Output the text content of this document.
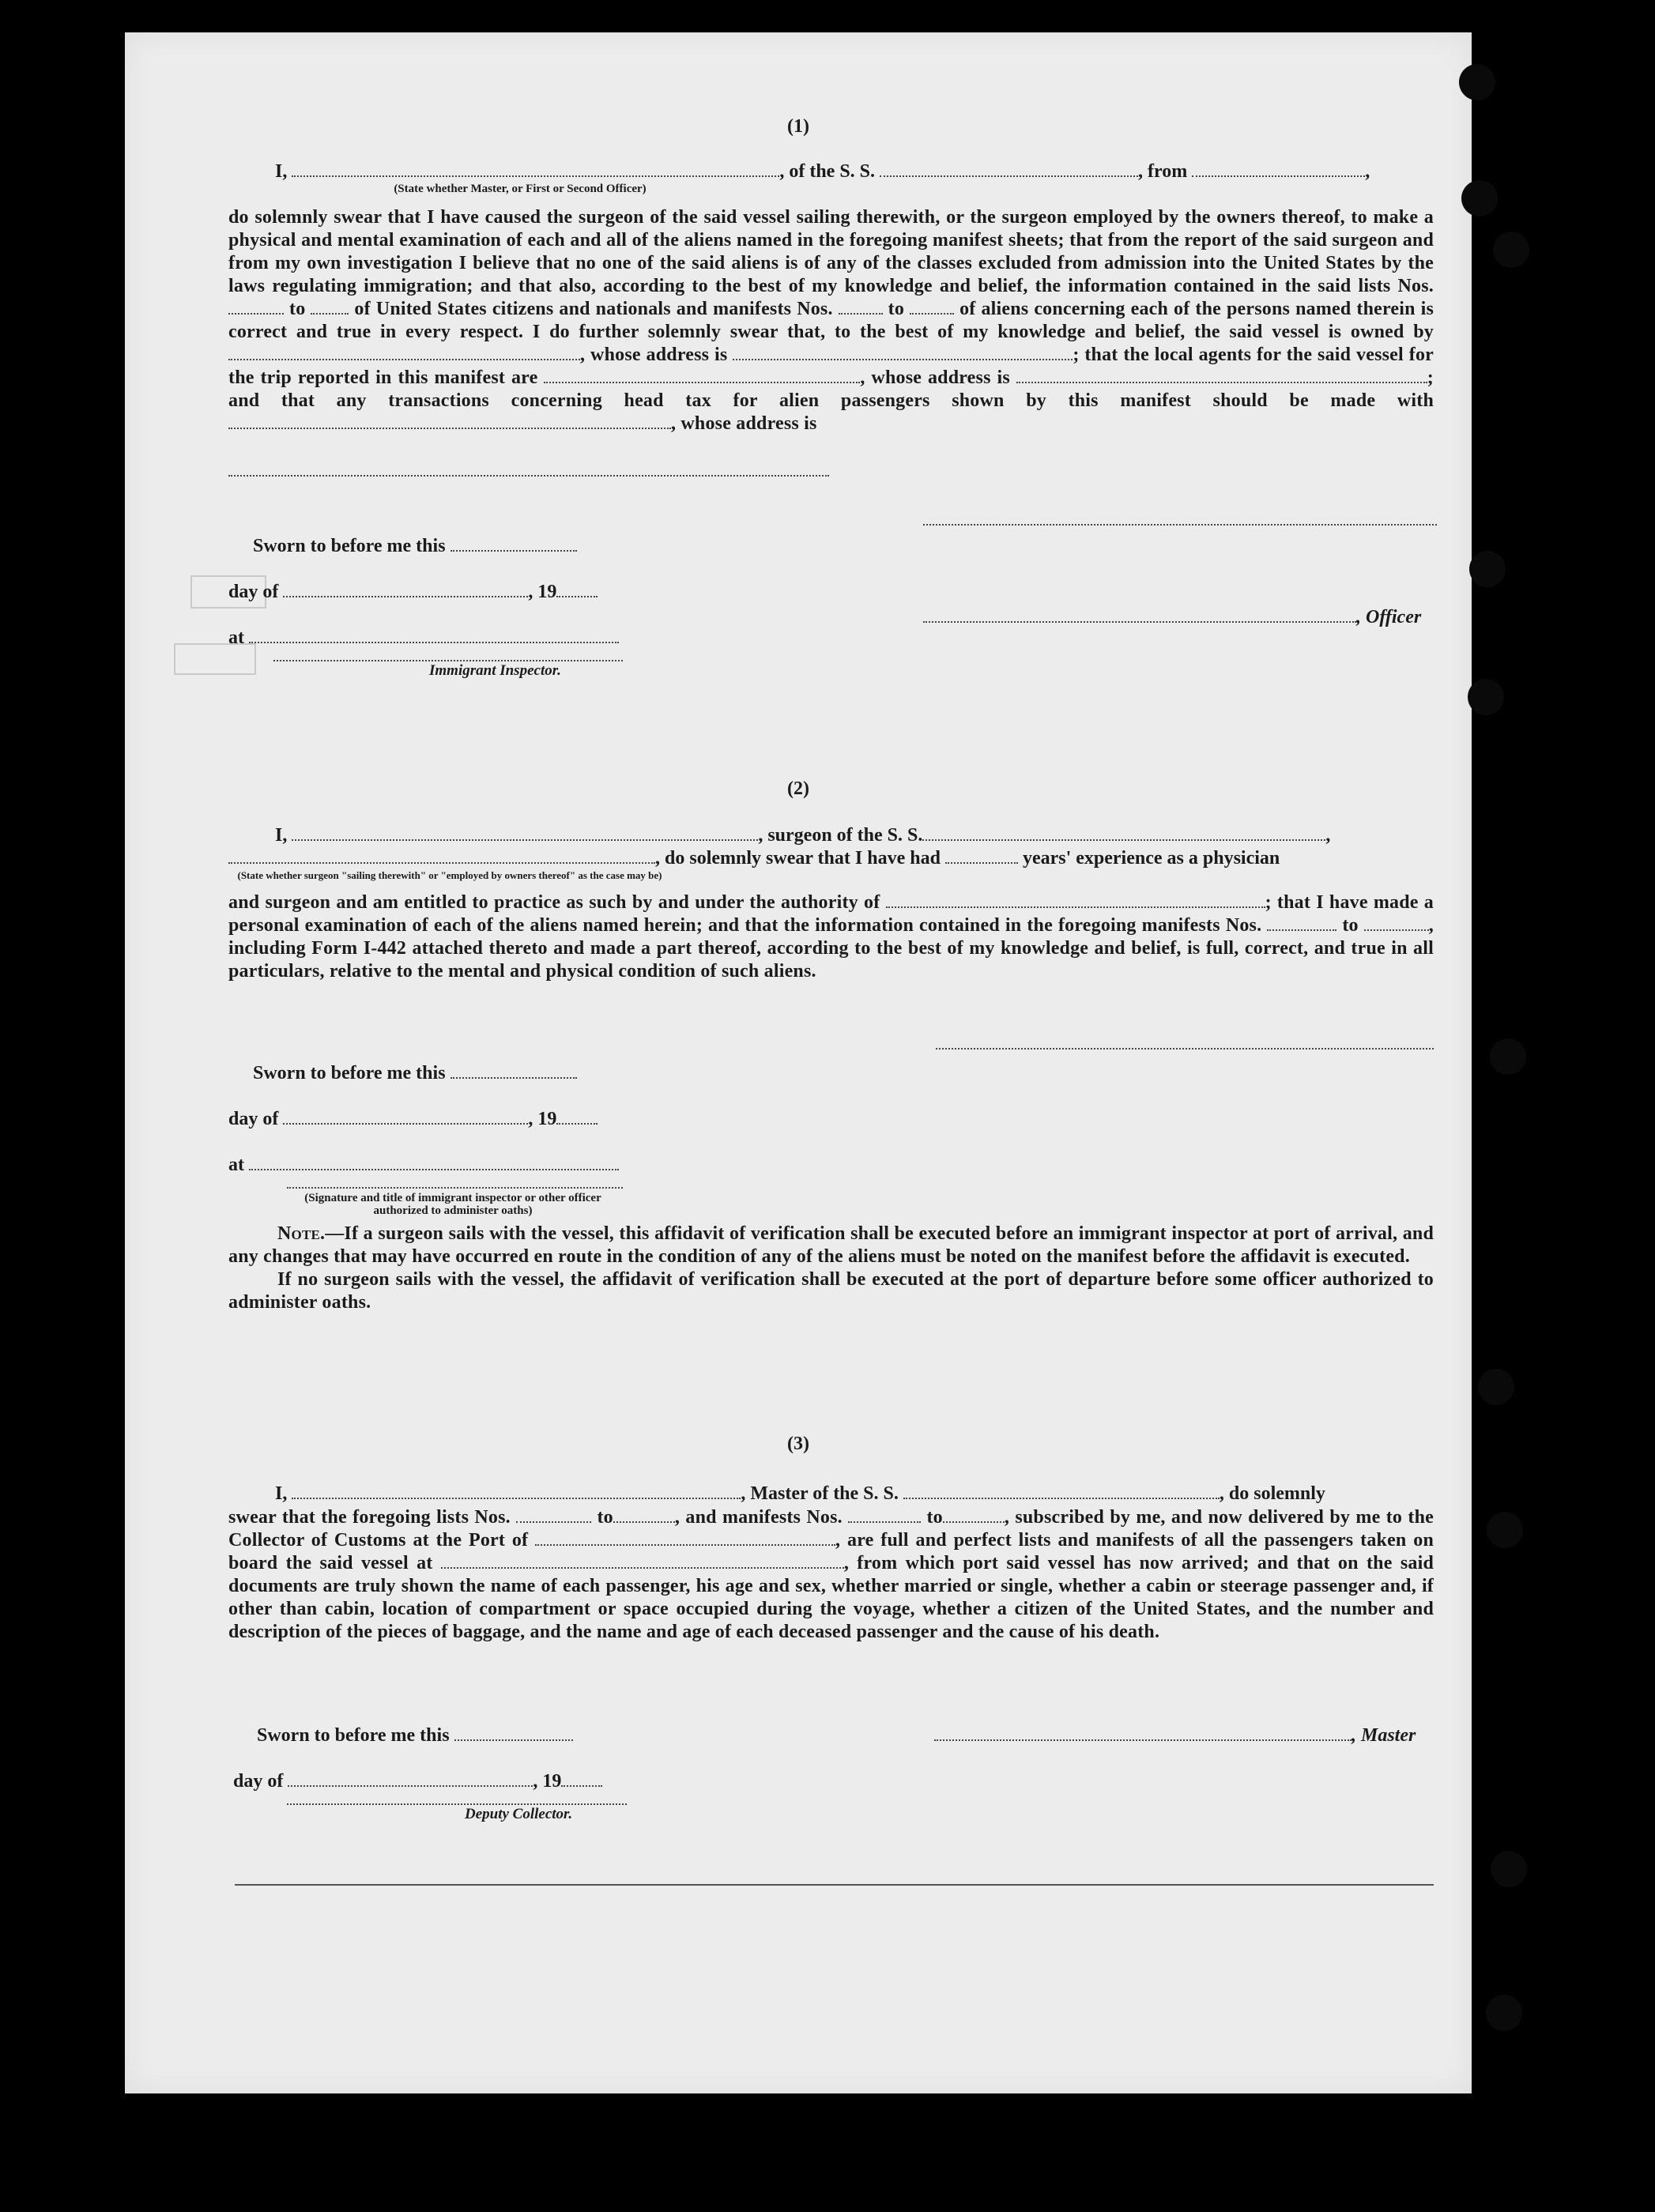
(1)
I,	, of the S. S.	, from	,
(State whether Master, or First or Second Officer)

do solemnly swear that I have caused the surgeon of the said vessel sailing therewith, or the surgeon employed by the owners thereof, to make a physical and mental examination of each and all of the aliens named in the foregoing manifest sheets; that from the report of the said surgeon and from my own investigation I believe that no one of the said aliens is of any of the classes excluded from admission into the United States by the laws regulating immigration; and that also, according to the best of my knowledge and belief, the information contained in the said lists Nos.  to	of United States citizens and nationals and manifests Nos.	to	of aliens concerning each of the persons named therein is correct and true in every respect. I do further solemnly swear that, to the best of my knowledge and belief, the said vessel is owned by , whose address is	; that the local agents for the said vessel for the trip reported in this manifest are	, whose address is	; and that any transactions concerning head tax for alien passengers shown by this manifest should be made with , whose address is

Sworn to before me this
day of	, 19
, Officer
at
Immigrant Inspector.
(2)
I,	, surgeon of the S. S.	,
, do solemnly swear that I have had	years' experience as a physician
(State whether surgeon "sailing therewith" or "employed by owners thereof" as the case may be)

and surgeon and am entitled to practice as such by and under the authority of	; that I have made a personal examination of each of the aliens named herein; and that the information contained in the foregoing manifests Nos.	to	, including Form I-442 attached thereto and made a part thereof, according to the best of my knowledge and belief, is full, correct, and true in all particulars, relative to the mental and physical condition of such aliens.

Sworn to before me this
day of	, 19
at
(Signature and title of immigrant inspector or other officer authorized to administer oaths)

Note.—If a surgeon sails with the vessel, this affidavit of verification shall be executed before an immigrant inspector at port of arrival, and any changes that may have occurred en route in the condition of any of the aliens must be noted on the manifest before the affidavit is executed.

If no surgeon sails with the vessel, the affidavit of verification shall be executed at the port of departure before some officer authorized to administer oaths.

(3)
I,	, Master of the S. S.	, do solemnly

swear that the foregoing lists Nos.	to	, and manifests Nos.	to	, subscribed by me, and now delivered by me to the Collector of Customs at the Port of	, are full and perfect lists and manifests of all the passengers taken on board the said vessel at	, from which port said vessel has now arrived; and that on the said documents are truly shown the name of each passenger, his age and sex, whether married or single, whether a cabin or steerage passenger and, if other than cabin, location of compartment or space occupied during the voyage, whether a citizen of the United States, and the number and description of the pieces of baggage, and the name and age of each deceased passenger and the cause of his death.

Sworn to before me this	, Master
day of	, 19
Deputy Collector.
